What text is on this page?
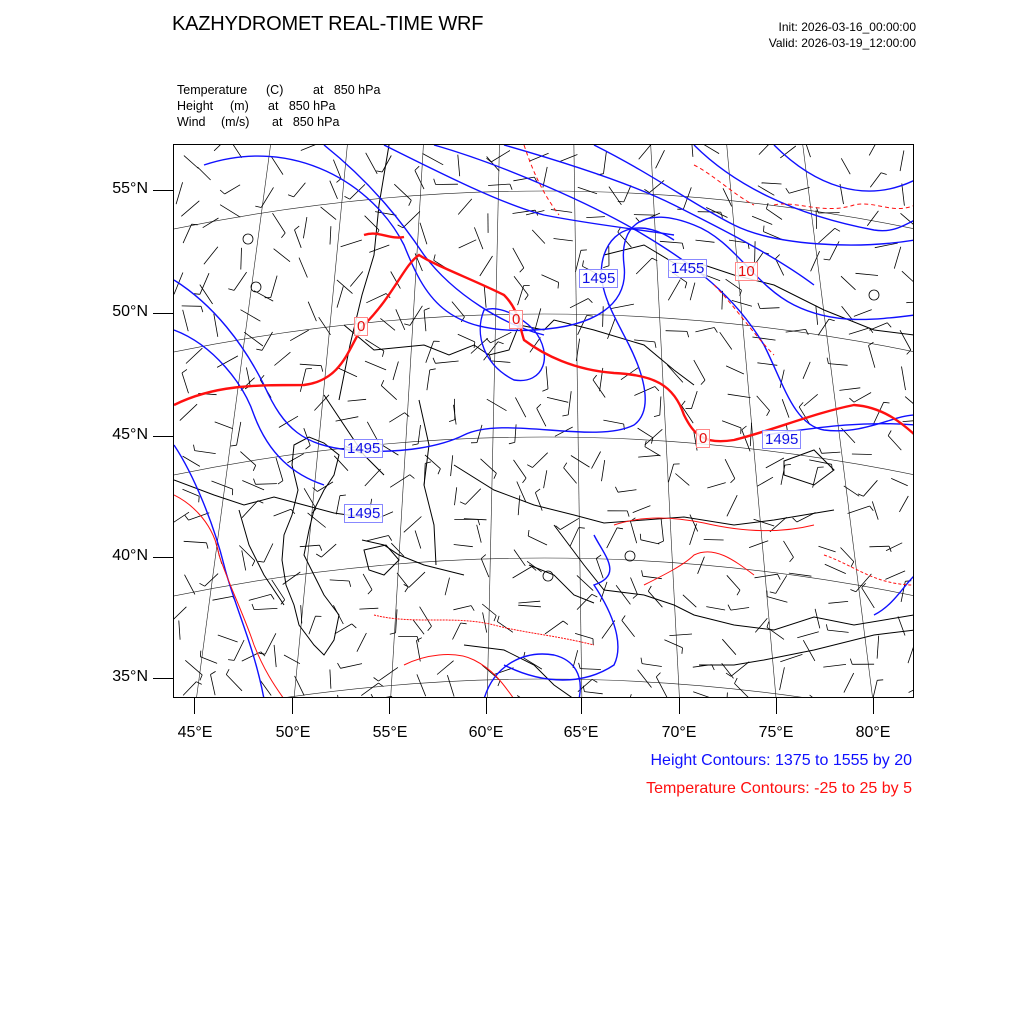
KAZHYDROMET REAL-TIME WRF	Init: 2026-03-16_00:00:00
Valid: 2026-03-19_12:00:00
Temperature	(C)	at   850 hPa
Height	(m)	at   850 hPa
Wind	(m/s)	at   850 hPa
1495
1455
1495
1495
1495
0	0
10
0
55°N
50°N
45°N
40°N
35°N
45°E	50°E	55°E	60°E	65°E	70°E	75°E	80°E
Height Contours: 1375 to 1555 by 20
Temperature Contours: -25 to 25 by 5
